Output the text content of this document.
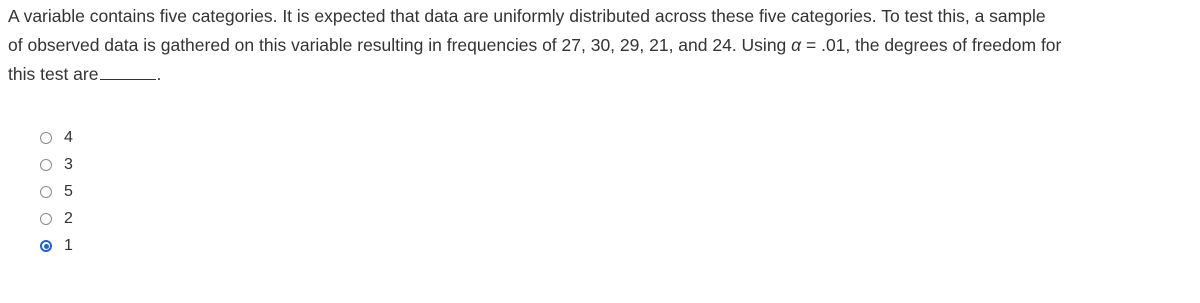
A variable contains five categories. It is expected that data are uniformly distributed across these five categories. To test this, a sample
of observed data is gathered on this variable resulting in frequencies of 27, 30, 29, 21, and 24. Using α = .01, the degrees of freedom for
this test are	.
4
3
5
2
1
